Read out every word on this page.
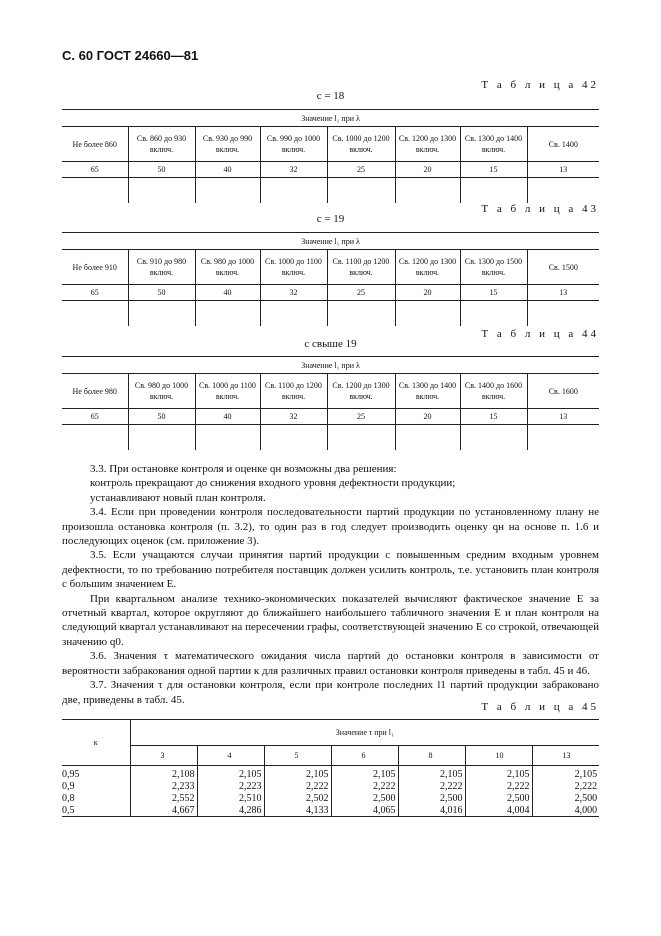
С. 60 ГОСТ 24660—81
Т а б л и ц а 42
c = 18
Значение l₁ при λ							
Не более 860	Св. 860 до 930 включ.	Св. 930 до 990 включ.	Св. 990 до 1000 включ.	Св. 1000 до 1200 включ.	Св. 1200 до 1300 включ.	Св. 1300 до 1400 включ.	Св. 1400
65	50	40	32	25	20	15	13

Т а б л и ц а 43
c = 19
Значение l₁ при λ							
Не более 910	Св. 910 до 980 включ.	Св. 980 до 1000 включ.	Св. 1000 до 1100 включ.	Св. 1100 до 1200 включ.	Св. 1200 до 1300 включ.	Св. 1300 до 1500 включ.	Св. 1500
65	50	40	32	25	20	15	13

Т а б л и ц а 44
c свыше 19
Значение l₁ при λ							
Не более 980	Св. 980 до 1000 включ.	Св. 1000 до 1100 включ.	Св. 1100 до 1200 включ.	Св. 1200 до 1300 включ.	Св. 1300 до 1400 включ.	Св. 1400 до 1600 включ.	Св. 1600
65	50	40	32	25	20	15	13

3.3. При остановке контроля и оценке qн возможны два решения:

контроль прекращают до снижения входного уровня дефектности продукции;

устанавливают новый план контроля.

3.4. Если при проведении контроля последовательности партий продукции по установленному плану не произошла остановка контроля (п. 3.2), то один раз в год следует производить оценку qн на основе п. 1.6 и последующих оценок (см. приложение 3).

3.5. Если учащаются случаи принятия партий продукции с повышенным средним входным уровнем дефектности, то по требованию потребителя поставщик должен усилить контроль, т.е. установить план контроля с большим значением E.

При квартальном анализе технико-экономических показателей вычисляют фактическое значение E за отчетный квартал, которое округляют до ближайшего наибольшего табличного значения E и план контроля на следующий квартал устанавливают на пересечении графы, соответствующей значению E со строкой, отвечающей значению q0.

3.6. Значения τ математического ожидания числа партий до остановки контроля в зависимости от вероятности забракования одной партии к для различных правил остановки контроля приведены в табл. 45 и 46.

3.7. Значения τ для остановки контроля, если при контроле последних l1 партий продукции забраковано две, приведены в табл. 45.

Т а б л и ц а 45
к	Значение τ при l₁						
	3	4	5	6	8	10	13
0,95	2,108	2,105	2,105	2,105	2,105	2,105	2,105
0,9	2,233	2,223	2,222	2,222	2,222	2,222	2,222
0,8	2,552	2,510	2,502	2,500	2,500	2,500	2,500
0,5	4,667	4,286	4,133	4,065	4,016	4,004	4,000
